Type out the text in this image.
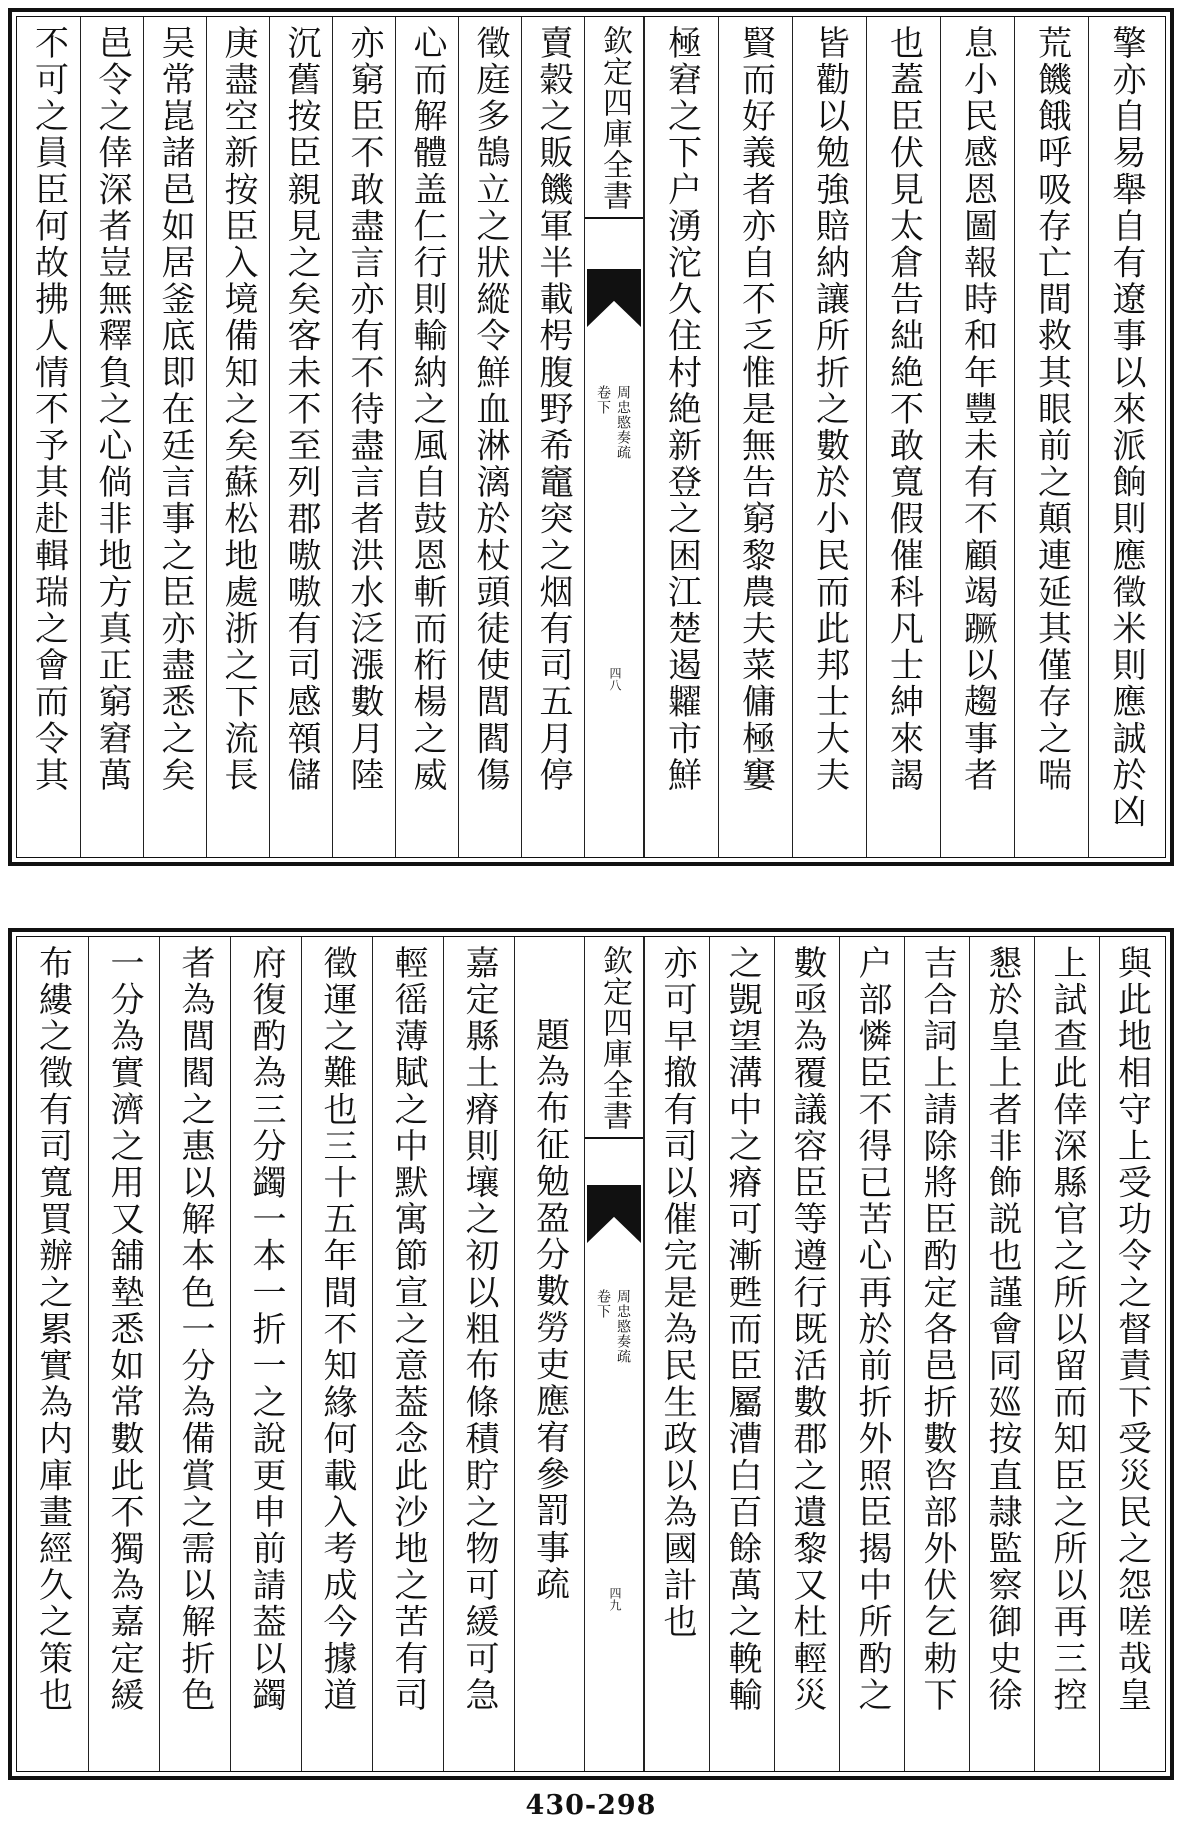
不可之員臣何故拂人情不予其赴輯瑞之會而令其 邑令之倖深者豈無釋負之心倘非地方真正窮窘萬 吴常崑諸邑如居釜底即在廷言事之臣亦盡悉之矣 庚盡空新按臣入境備知之矣蘇松地處浙之下流長 沉舊按臣親見之矣客未不至列郡嗷嗷有司感顇儲 亦窮臣不敢盡言亦有不待盡言者洪水泛漲數月陸 心而解體盖仁行則輸納之風自鼓恩斬而桁楊之威 徵庭多鵠立之狀縱令鮮血淋漓於杖頭徒使閭閻傷 賣糓之販饑軍半載枵腹野希竈突之烟有司五月停 欽定四庫全書
周忠愍奏疏
卷下
四八 極窘之下户湧沱久住村絶新登之困江楚遏糶市鮮 賢而好義者亦自不乏惟是無告窮黎農夫菜傭極窶 皆勸以勉強賠納讓所折之數於小民而此邦士大夫 也蓋臣伏見太倉告絀絶不敢寬假催科凡士紳來謁 息小民感恩圖報時和年豐未有不顧竭蹶以趨事者 荒饑餓呼吸存亡間救其眼前之顛連延其僅存之喘 擎亦自易舉自有遼事以來派餉則應徵米則應誠於凶
布縷之徵有司寬買辦之累實為内庫畫經久之策也 一分為實濟之用又舖墊悉如常數此不獨為嘉定緩 者為閭閻之惠以解本色一分為備賞之需以解折色 府復酌為三分蠲一本一折一之說更申前請葢以蠲 徵運之難也三十五年間不知緣何載入考成今據道 輕徭薄賦之中默寓節宣之意葢念此沙地之苦有司 嘉定縣土瘠則壤之初以粗布條積貯之物可緩可急 題為布征勉盈分數勞吏應宥參罰事疏 欽定四庫全書
周忠愍奏疏
卷下
四九 亦可早撤有司以催完是為民生政以為國計也 之覬望溝中之瘠可漸甦而臣屬漕白百餘萬之輓輸 數亟為覆議容臣等遵行既活數郡之遺黎又杜輕災 户部憐臣不得已苦心再於前折外照臣揭中所酌之 吉合詞上請除將臣酌定各邑折數咨部外伏乞勅下 懇於皇上者非飾説也謹會同廵按直隷監察御史徐 上試查此倖深縣官之所以留而知臣之所以再三控 與此地相守上受功令之督責下受災民之怨嗟哉皇
430-298
